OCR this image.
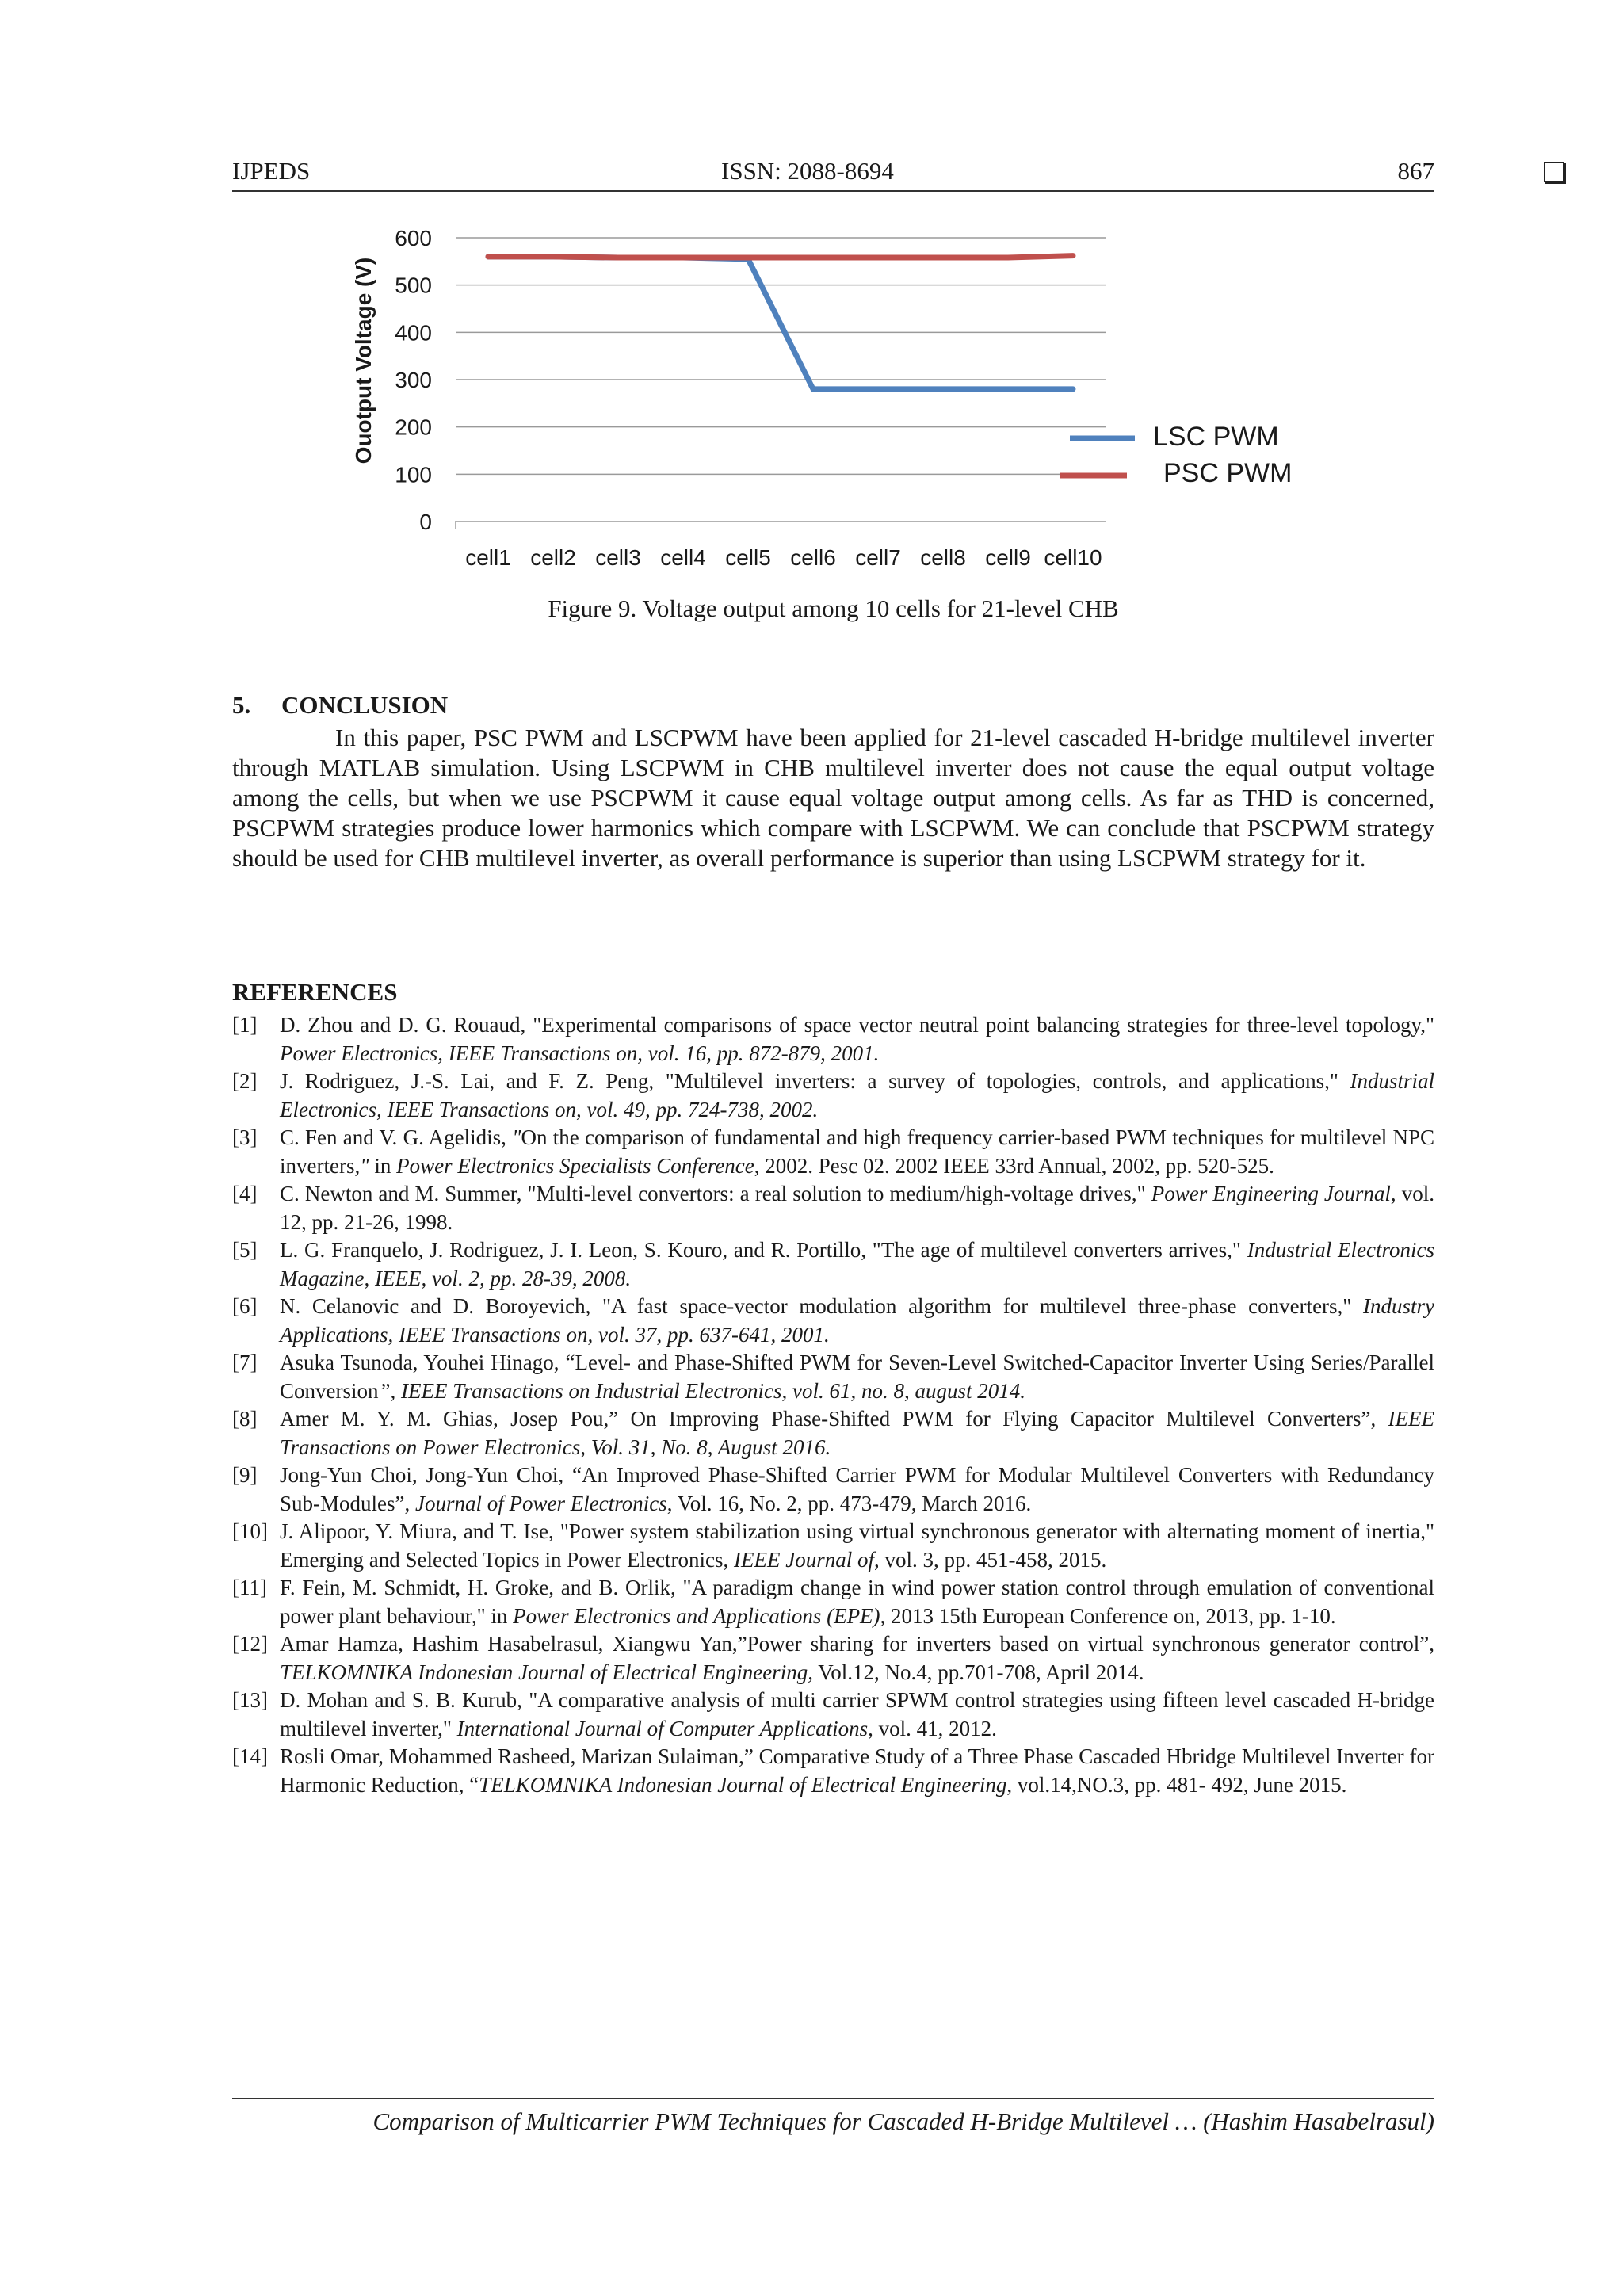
IJPEDS	ISSN: 2088-8694	867
0
100
200
300
400
500
600
cell1 cell2 cell3 cell4 cell5 cell6 cell7 cell8 cell9 cell10
LSC PWM
PSC PWM
Ouotput Voltage (V)
Figure 9. Voltage output among 10 cells for 21-level CHB
5. CONCLUSION

In this paper, PSC PWM and LSCPWM have been applied for 21-level cascaded H-bridge multilevel inverter through MATLAB simulation. Using LSCPWM in CHB multilevel inverter does not cause the equal output voltage among the cells, but when we use PSCPWM it cause equal voltage output among cells. As far as THD is concerned, PSCPWM strategies produce lower harmonics which compare with LSCPWM. We can conclude that PSCPWM strategy should be used for CHB multilevel inverter, as overall performance is superior than using LSCPWM strategy for it.

REFERENCES
[1] D. Zhou and D. G. Rouaud, "Experimental comparisons of space vector neutral point balancing strategies for three-level topology," Power Electronics, IEEE Transactions on, vol. 16, pp. 872-879, 2001.
[2] J. Rodriguez, J.-S. Lai, and F. Z. Peng, "Multilevel inverters: a survey of topologies, controls, and applications," Industrial Electronics, IEEE Transactions on, vol. 49, pp. 724-738, 2002.
[3] C. Fen and V. G. Agelidis, "On the comparison of fundamental and high frequency carrier-based PWM techniques for multilevel NPC inverters," in Power Electronics Specialists Conference, 2002. Pesc 02. 2002 IEEE 33rd Annual, 2002, pp. 520-525.
[4] C. Newton and M. Summer, "Multi-level convertors: a real solution to medium/high-voltage drives," Power Engineering Journal, vol. 12, pp. 21-26, 1998.
[5] L. G. Franquelo, J. Rodriguez, J. I. Leon, S. Kouro, and R. Portillo, "The age of multilevel converters arrives," Industrial Electronics Magazine, IEEE, vol. 2, pp. 28-39, 2008.
[6] N. Celanovic and D. Boroyevich, "A fast space-vector modulation algorithm for multilevel three-phase converters," Industry Applications, IEEE Transactions on, vol. 37, pp. 637-641, 2001.
[7] Asuka Tsunoda, Youhei Hinago, “Level- and Phase-Shifted PWM for Seven-Level Switched-Capacitor Inverter Using Series/Parallel Conversion”, IEEE Transactions on Industrial Electronics, vol. 61, no. 8, august 2014.
[8] Amer M. Y. M. Ghias, Josep Pou,” On Improving Phase-Shifted PWM for Flying Capacitor Multilevel Converters”, IEEE Transactions on Power Electronics, Vol. 31, No. 8, August 2016.
[9] Jong-Yun Choi, Jong-Yun Choi, “An Improved Phase-Shifted Carrier PWM for Modular Multilevel Converters with Redundancy Sub-Modules”, Journal of Power Electronics, Vol. 16, No. 2, pp. 473-479, March 2016.
[10] J. Alipoor, Y. Miura, and T. Ise, "Power system stabilization using virtual synchronous generator with alternating moment of inertia," Emerging and Selected Topics in Power Electronics, IEEE Journal of, vol. 3, pp. 451-458, 2015.
[11] F. Fein, M. Schmidt, H. Groke, and B. Orlik, "A paradigm change in wind power station control through emulation of conventional power plant behaviour," in Power Electronics and Applications (EPE), 2013 15th European Conference on, 2013, pp. 1-10.
[12] Amar Hamza, Hashim Hasabelrasul, Xiangwu Yan,”Power sharing for inverters based on virtual synchronous generator control”, TELKOMNIKA Indonesian Journal of Electrical Engineering, Vol.12, No.4, pp.701-708, April 2014.
[13] D. Mohan and S. B. Kurub, "A comparative analysis of multi carrier SPWM control strategies using fifteen level cascaded H-bridge multilevel inverter," International Journal of Computer Applications, vol. 41, 2012.
[14] Rosli Omar, Mohammed Rasheed, Marizan Sulaiman,” Comparative Study of a Three Phase Cascaded Hbridge Multilevel Inverter for Harmonic Reduction, “TELKOMNIKA Indonesian Journal of Electrical Engineering, vol.14,NO.3, pp. 481- 492, June 2015.
Comparison of Multicarrier PWM Techniques for Cascaded H-Bridge Multilevel … (Hashim Hasabelrasul)
